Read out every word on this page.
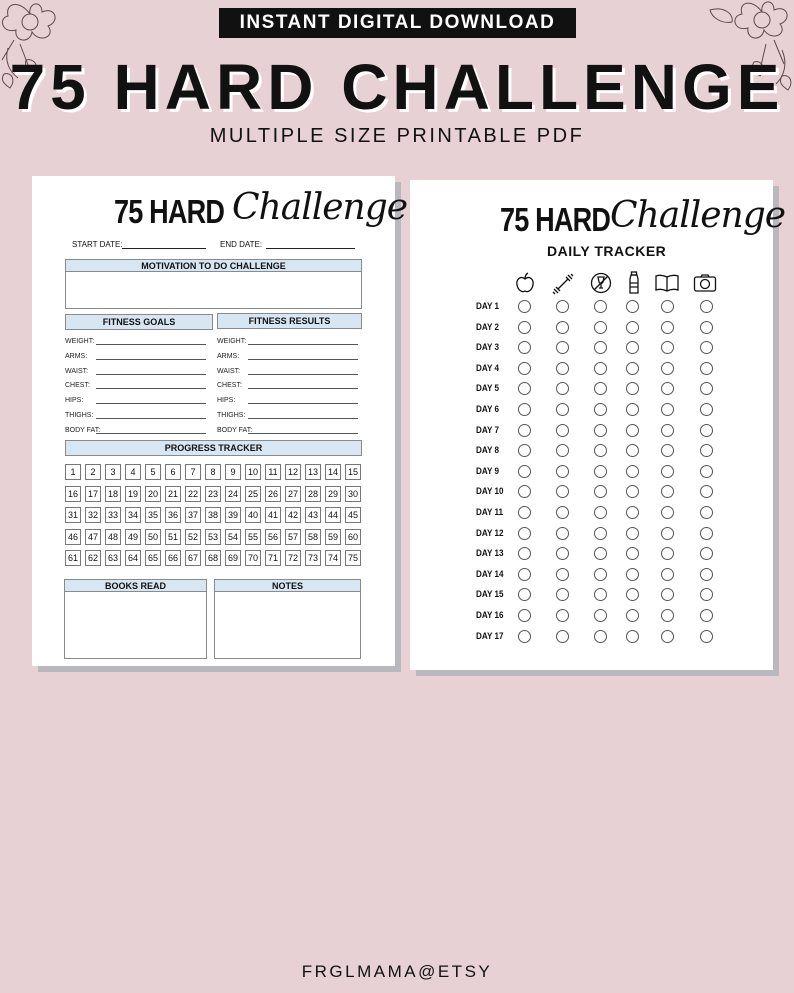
INSTANT DIGITAL DOWNLOAD
75 HARD CHALLENGE
MULTIPLE SIZE PRINTABLE PDF
75 HARD Challenge
START DATE:	END DATE:
MOTIVATION TO DO CHALLENGE
FITNESS GOALS	FITNESS RESULTS
WEIGHT:	WEIGHT:
ARMS:	ARMS:
WAIST:	WAIST:
CHEST:	CHEST:
HIPS:	HIPS:
THIGHS:	THIGHS:
BODY FAT:	BODY FAT:
PROGRESS TRACKER
1	2	3	4	5	6	7	8	9	10	11	12	13	14	15
16	17	18	19	20	21	22	23	24	25	26	27	28	29	30
31	32	33	34	35	36	37	38	39	40	41	42	43	44	45
46	47	48	49	50	51	52	53	54	55	56	57	58	59	60
61	62	63	64	65	66	67	68	69	70	71	72	73	74	75
BOOKS READ	NOTES
75 HARD Challenge
DAILY TRACKER
DAY 1
DAY 2
DAY 3
DAY 4
DAY 5
DAY 6
DAY 7
DAY 8
DAY 9
DAY 10
DAY 11
DAY 12
DAY 13
DAY 14
DAY 15
DAY 16
DAY 17
FRGLMAMA@ETSY
